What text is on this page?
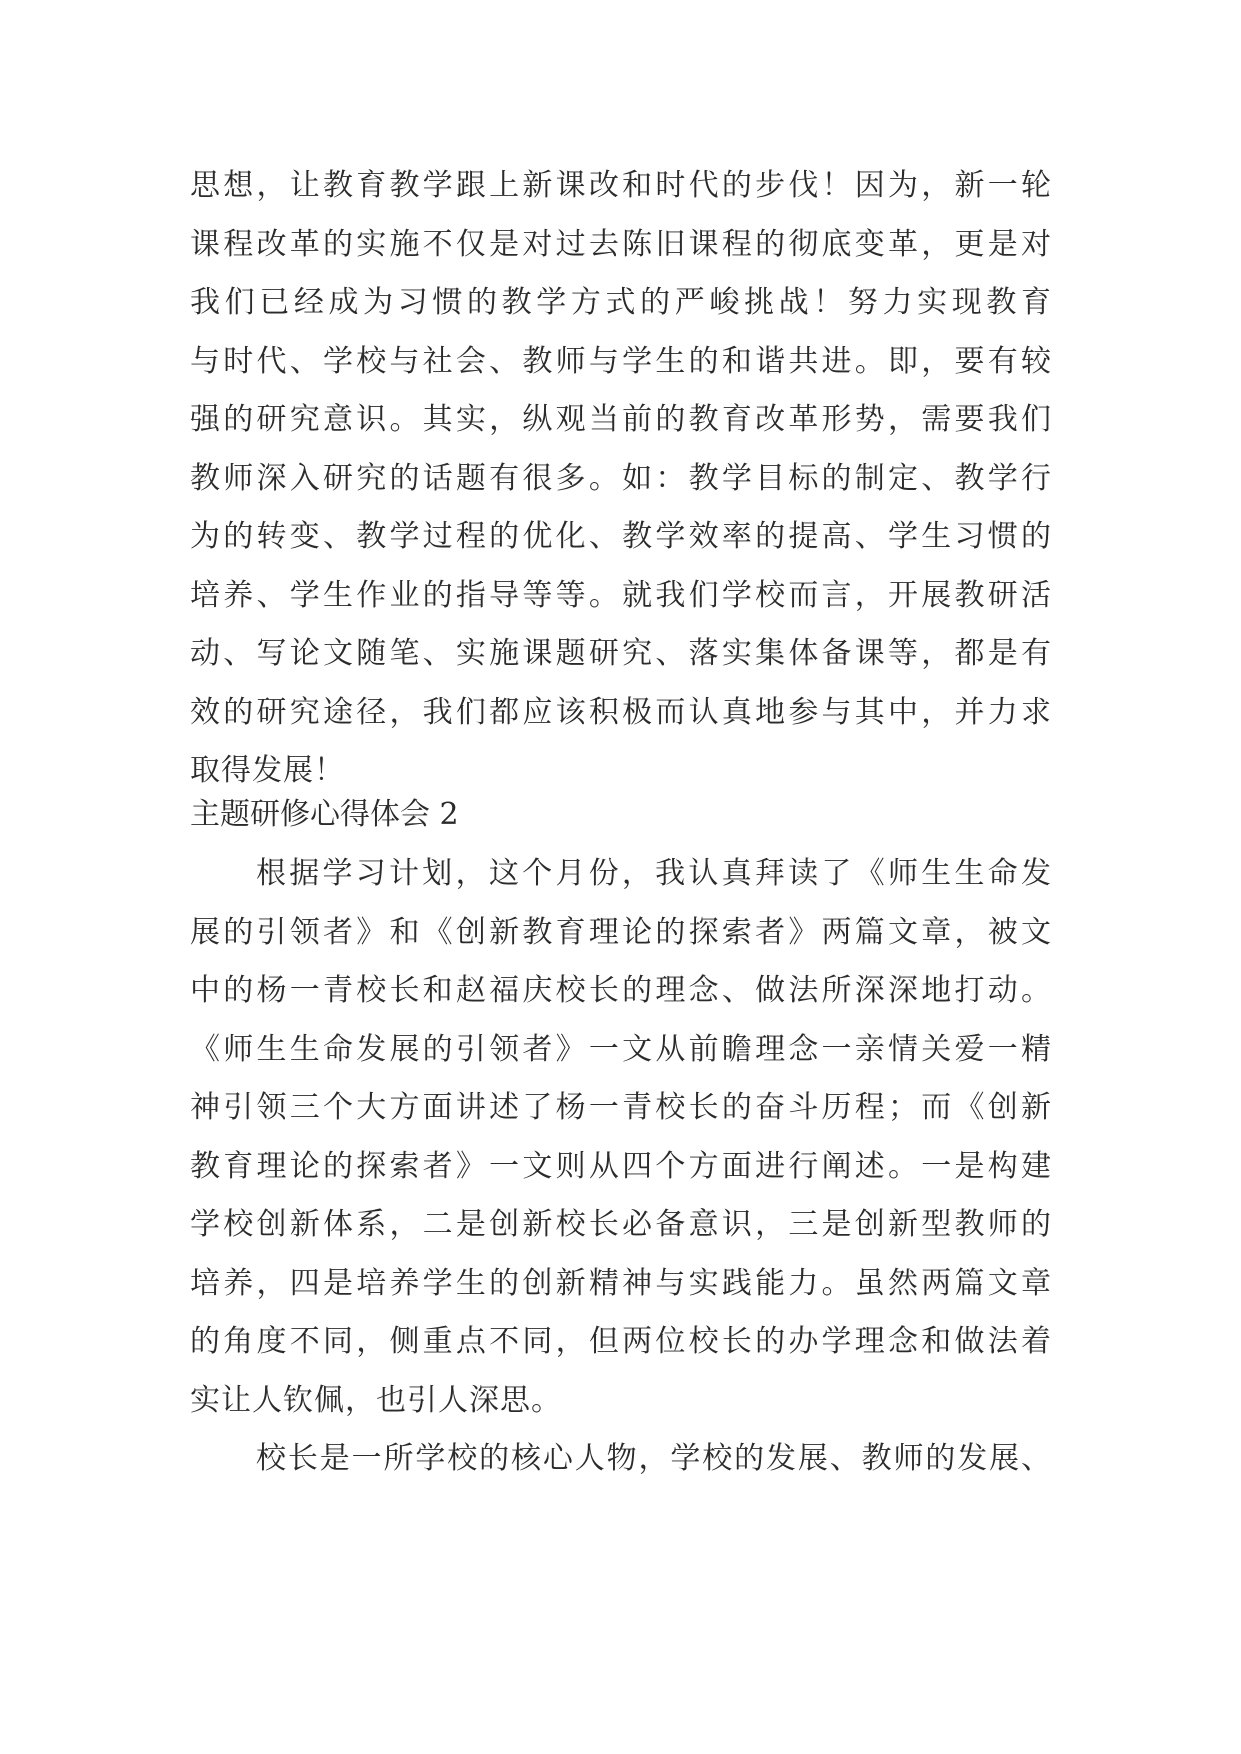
思想，让教育教学跟上新课改和时代的步伐！因为，新一轮
课程改革的实施不仅是对过去陈旧课程的彻底变革，更是对
我们已经成为习惯的教学方式的严峻挑战！努力实现教育
与时代、学校与社会、教师与学生的和谐共进。即，要有较
强的研究意识。其实，纵观当前的教育改革形势，需要我们
教师深入研究的话题有很多。如：教学目标的制定、教学行
为的转变、教学过程的优化、教学效率的提高、学生习惯的
培养、学生作业的指导等等。就我们学校而言，开展教研活
动、写论文随笔、实施课题研究、落实集体备课等，都是有
效的研究途径，我们都应该积极而认真地参与其中，并力求
取得发展！
主题研修心得体会 2
根据学习计划，这个月份，我认真拜读了《师生生命发
展的引领者》和《创新教育理论的探索者》两篇文章，被文
中的杨一青校长和赵福庆校长的理念、做法所深深地打动。
《师生生命发展的引领者》一文从前瞻理念一亲情关爱一精
神引领三个大方面讲述了杨一青校长的奋斗历程；而《创新
教育理论的探索者》一文则从四个方面进行阐述。一是构建
学校创新体系，二是创新校长必备意识，三是创新型教师的
培养，四是培养学生的创新精神与实践能力。虽然两篇文章
的角度不同，侧重点不同，但两位校长的办学理念和做法着
实让人钦佩，也引人深思。
校长是一所学校的核心人物，学校的发展、教师的发展、
